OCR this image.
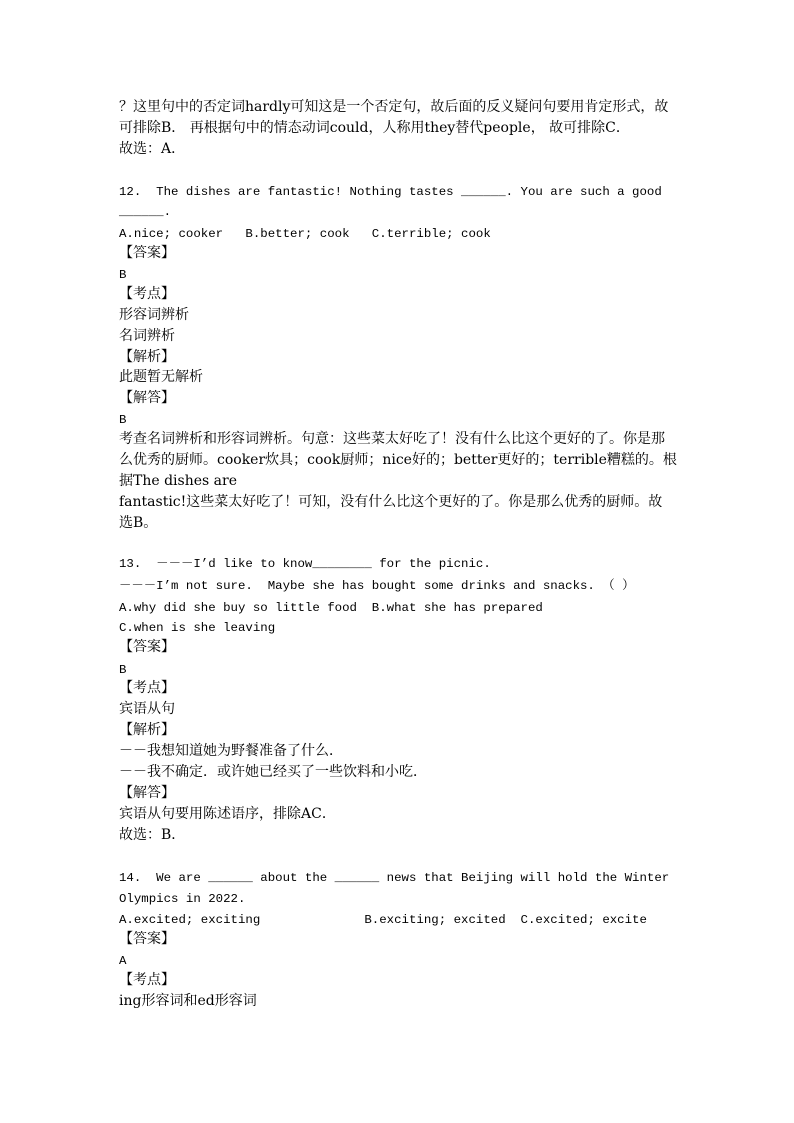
？这里句中的否定词hardly可知这是一个否定句，故后面的反义疑问句要用肯定形式，故
可排除B． 再根据句中的情态动词could，人称用they替代people， 故可排除C．
故选：A．
12.  The dishes are fantastic! Nothing tastes ______. You are such a good
______.
A.nice; cooker   B.better; cook   C.terrible; cook
【答案】
B
【考点】
形容词辨析
名词辨析
【解析】
此题暂无解析
【解答】
B
考查名词辨析和形容词辨析。句意：这些菜太好吃了！没有什么比这个更好的了。你是那
么优秀的厨师。cooker炊具；cook厨师；nice好的；better更好的；terrible糟糕的。根
据The dishes are
fantastic!这些菜太好吃了！可知，没有什么比这个更好的了。你是那么优秀的厨师。故
选B。
13.  －－－I’d like to know________ for the picnic.
－－－I’m not sure.  Maybe she has bought some drinks and snacks. （ ）
A.why did she buy so little food  B.what she has prepared
C.when is she leaving
【答案】
B
【考点】
宾语从句
【解析】
－－我想知道她为野餐准备了什么．
－－我不确定．或许她已经买了一些饮料和小吃．
【解答】
宾语从句要用陈述语序，排除AC．
故选：B．
14.  We are ______ about the ______ news that Beijing will hold the Winter
Olympics in 2022.
A.excited; exciting              B.exciting; excited  C.excited; excite
【答案】
A
【考点】
ing形容词和ed形容词
